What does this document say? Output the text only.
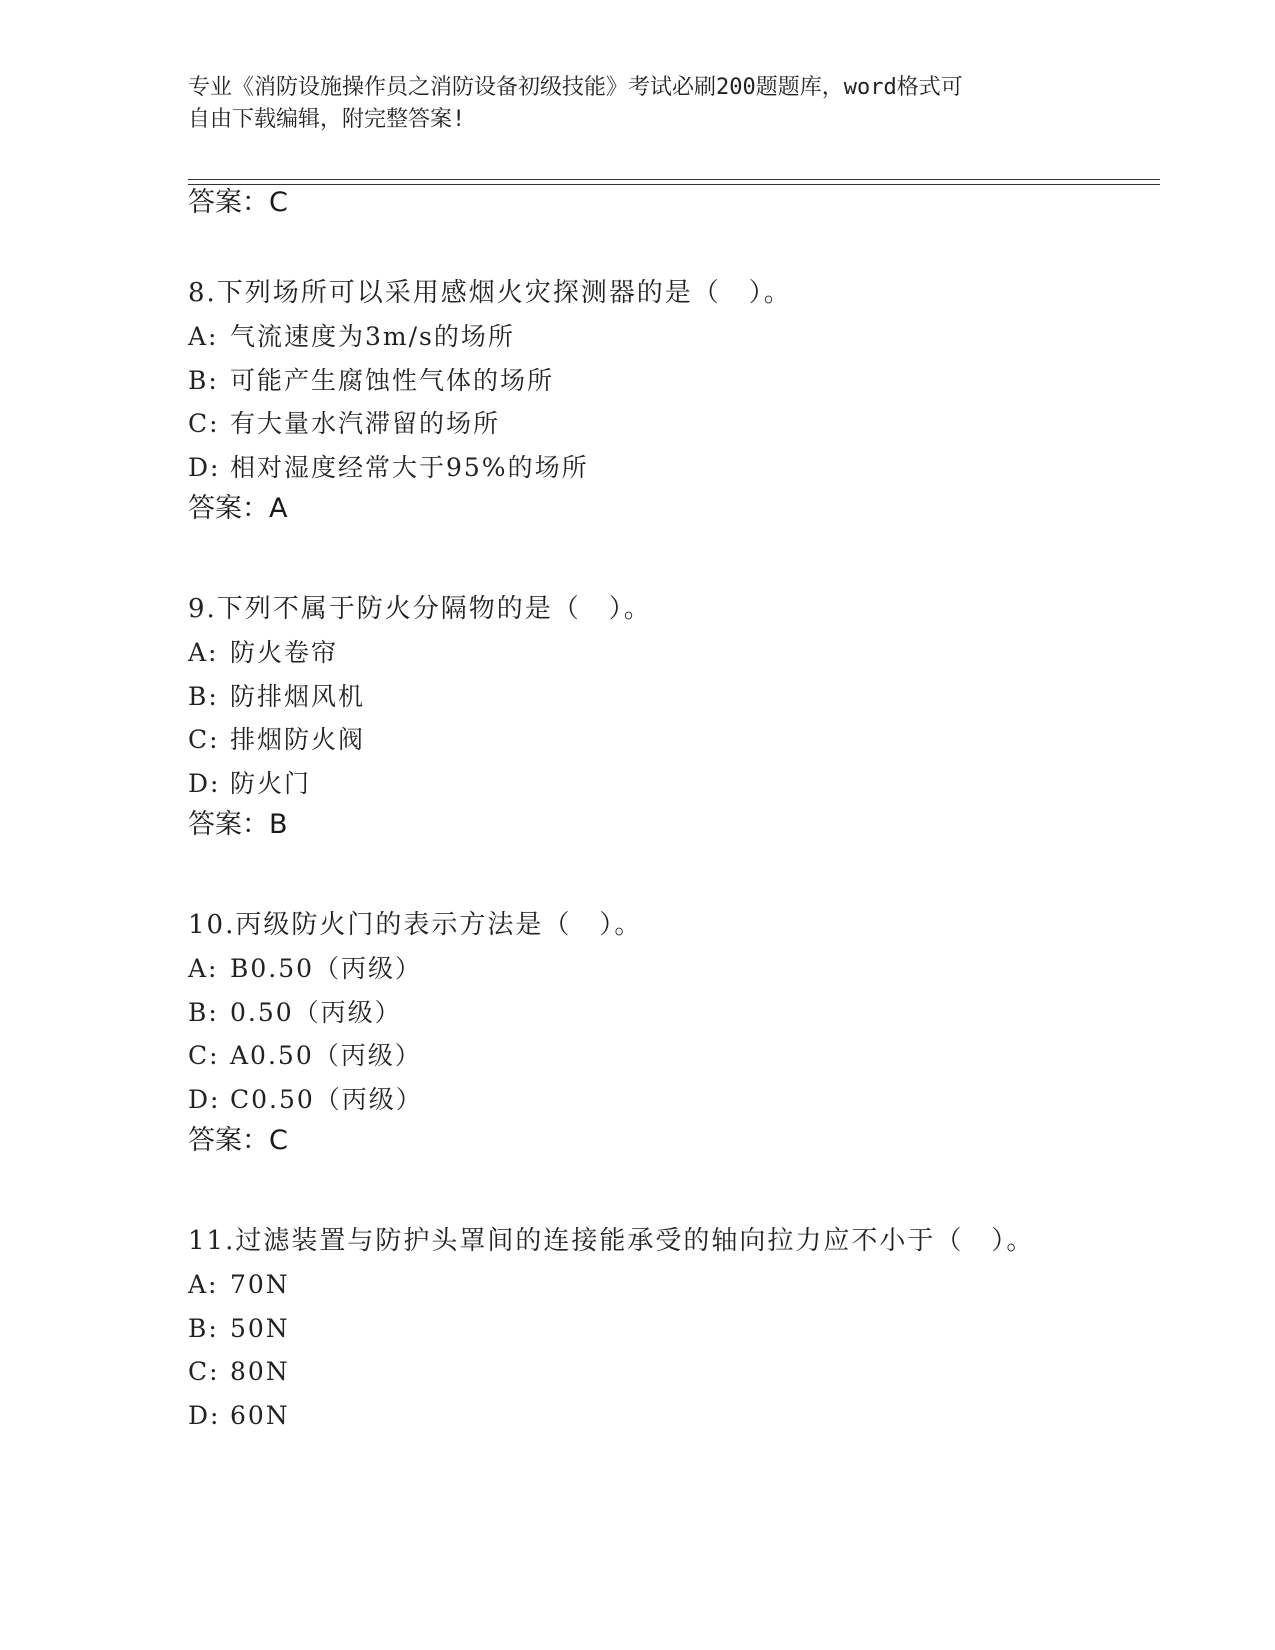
专业《消防设施操作员之消防设备初级技能》考试必刷200题题库，word格式可
自由下载编辑，附完整答案!
答案：C
8.下列场所可以采用感烟火灾探测器的是（　）。
A: 气流速度为3m/s的场所
B: 可能产生腐蚀性气体的场所
C: 有大量水汽滞留的场所
D: 相对湿度经常大于95%的场所
答案：A
9.下列不属于防火分隔物的是（　）。
A: 防火卷帘
B: 防排烟风机
C: 排烟防火阀
D: 防火门
答案：B
10.丙级防火门的表示方法是（　）。
A: B0.50（丙级）
B: 0.50（丙级）
C: A0.50（丙级）
D: C0.50（丙级）
答案：C
11.过滤装置与防护头罩间的连接能承受的轴向拉力应不小于（　）。
A: 70N
B: 50N
C: 80N
D: 60N
